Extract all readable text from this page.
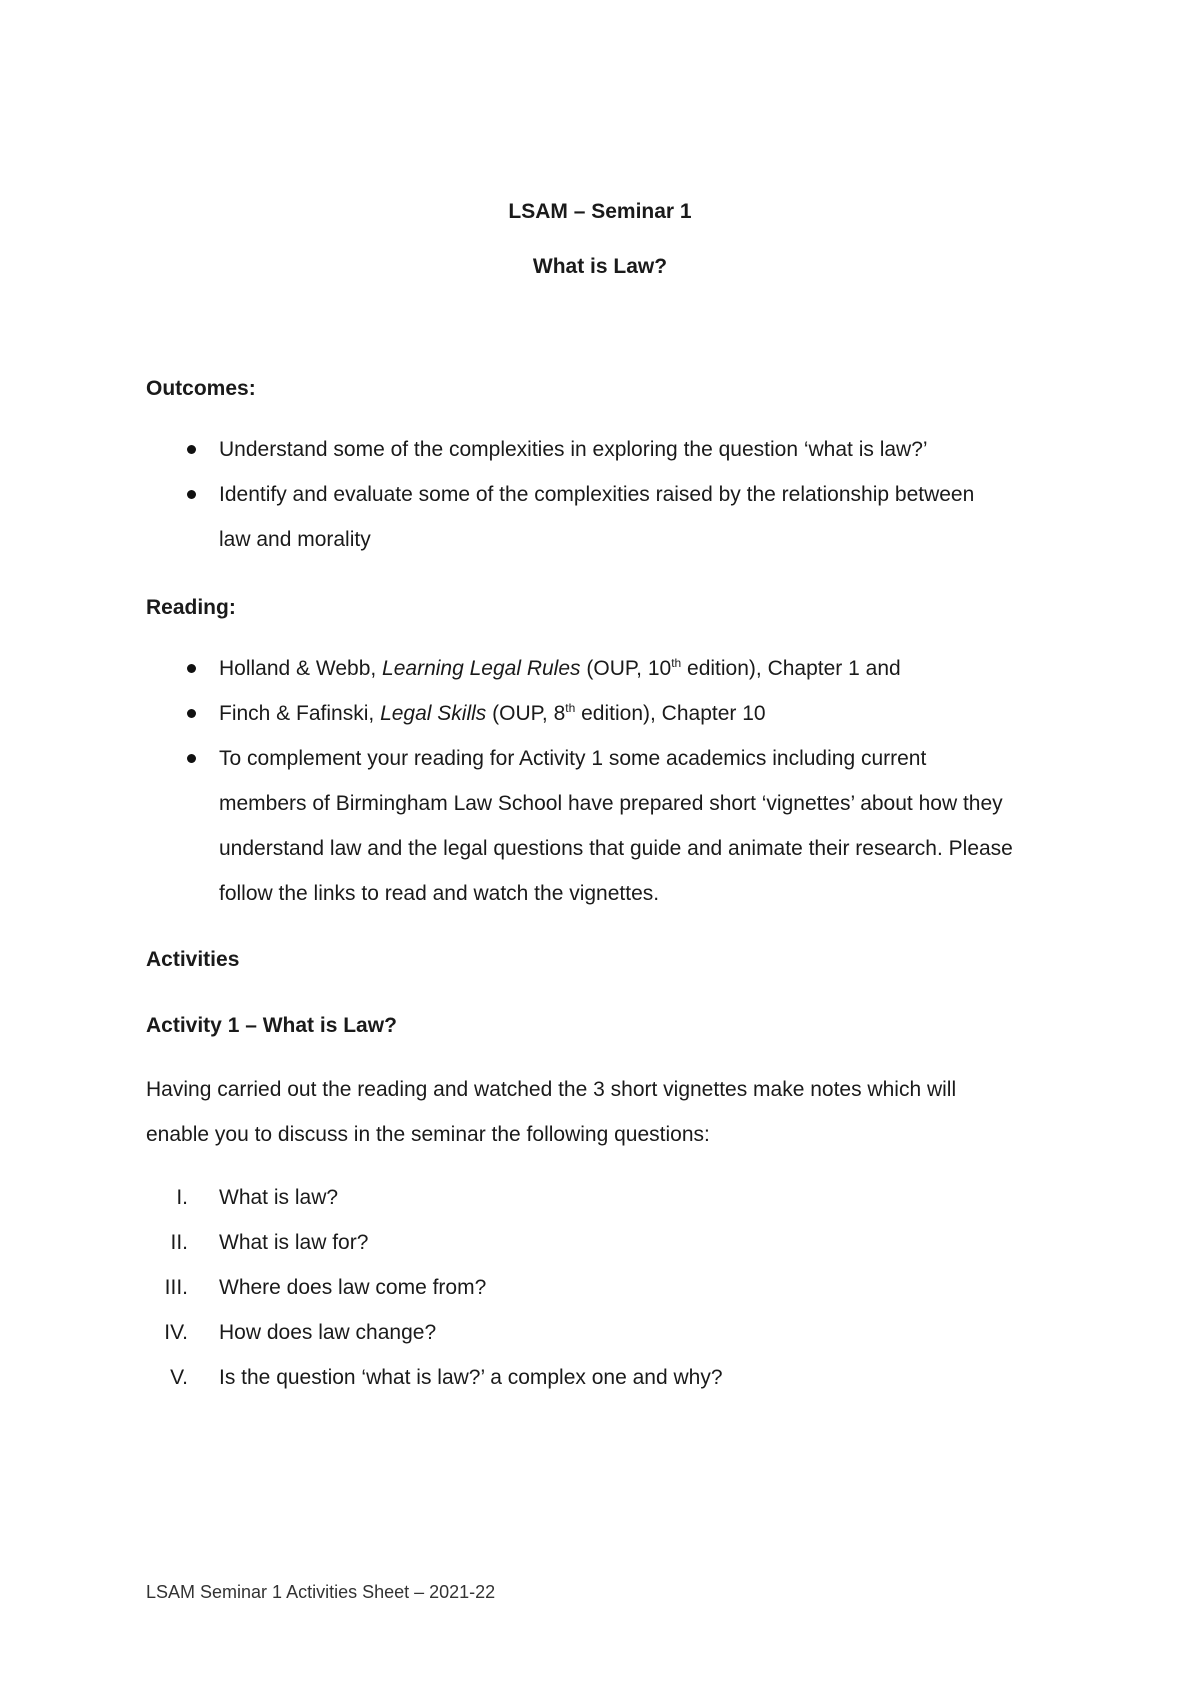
LSAM – Seminar 1

What is Law?

Outcomes:

Understand some of the complexities in exploring the question ‘what is law?’
Identify and evaluate some of the complexities raised by the relationship between
law and morality

Reading:

Holland & Webb, Learning Legal Rules (OUP, 10th edition), Chapter 1 and
Finch & Fafinski, Legal Skills (OUP, 8th edition), Chapter 10
To complement your reading for Activity 1 some academics including current
members of Birmingham Law School have prepared short ‘vignettes’ about how they
understand law and the legal questions that guide and animate their research. Please
follow the links to read and watch the vignettes.

Activities

Activity 1 – What is Law?

Having carried out the reading and watched the 3 short vignettes make notes which will
enable you to discuss in the seminar the following questions:
I. What is law?
II. What is law for?
III. Where does law come from?
IV. How does law change?
V. Is the question ‘what is law?’ a complex one and why?

LSAM Seminar 1 Activities Sheet – 2021-22
